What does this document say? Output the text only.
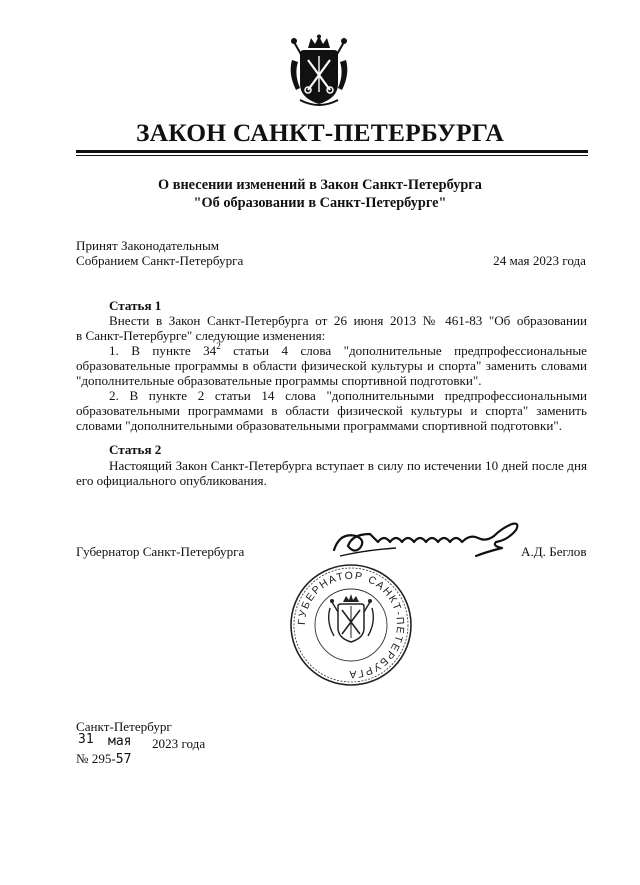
ЗАКОН САНКТ-ПЕТЕРБУРГА
О внесении изменений в Закон Санкт-Петербурга
"Об образовании в Санкт-Петербурге"
Принят Законодательным
Собранием Санкт-Петербурга	24 мая 2023 года
Статья 1
Внести в Закон Санкт-Петербурга от 26 июня 2013 № 461-83 "Об образовании
в Санкт-Петербурге" следующие изменения:
1. В пункте $34^2$ статьи 4 слова "дополнительные предпрофессиональные
образовательные программы в области физической культуры и спорта" заменить словами
"дополнительные образовательные программы спортивной подготовки".
2. В пункте 2 статьи 14 слова "дополнительными предпрофессиональными
образовательными программами в области физической культуры и спорта" заменить
словами "дополнительными образовательными программами спортивной подготовки".
Статья 2
Настоящий Закон Санкт-Петербурга вступает в силу по истечении 10 дней после дня
его официального опубликования.
Губернатор Санкт-Петербурга	А.Д. Беглов
ГУБЕРНАТОР САНКТ-ПЕТЕРБУРГА
Санкт-Петербург
31 мая 2023 года
№ 295-57
